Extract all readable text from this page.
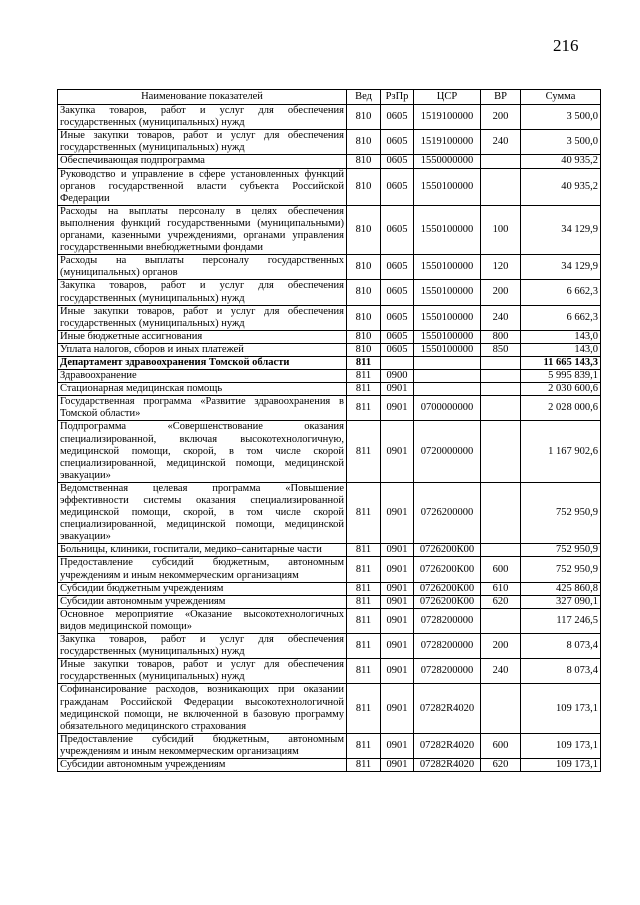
216
Наименование показателей	Вед	РзПр	ЦСР	ВР	Сумма
Закупка товаров, работ и услуг для обеспечения государственных (муниципальных) нужд	810	0605	1519100000	200	3 500,0
Иные закупки товаров, работ и услуг для обеспечения государственных (муниципальных) нужд	810	0605	1519100000	240	3 500,0
Обеспечивающая подпрограмма	810	0605	1550000000		40 935,2
Руководство и управление в сфере установленных функций органов государственной власти субъекта Российской Федерации	810	0605	1550100000		40 935,2
Расходы на выплаты персоналу в целях обеспечения выполнения функций государственными (муниципальными) органами, казенными учреждениями, органами управления государственными внебюджетными фондами	810	0605	1550100000	100	34 129,9
Расходы на выплаты персоналу государственных (муниципальных) органов	810	0605	1550100000	120	34 129,9
Закупка товаров, работ и услуг для обеспечения государственных (муниципальных) нужд	810	0605	1550100000	200	6 662,3
Иные закупки товаров, работ и услуг для обеспечения государственных (муниципальных) нужд	810	0605	1550100000	240	6 662,3
Иные бюджетные ассигнования	810	0605	1550100000	800	143,0
Уплата налогов, сборов и иных платежей	810	0605	1550100000	850	143,0
Департамент здравоохранения Томской области	811				11 665 143,3
Здравоохранение	811	0900			5 995 839,1
Стационарная медицинская помощь	811	0901			2 030 600,6
Государственная программа «Развитие здравоохранения в Томской области»	811	0901	0700000000		2 028 000,6
Подпрограмма «Совершенствование оказания специализированной, включая высокотехнологичную, медицинской помощи, скорой, в том числе скорой специализированной, медицинской помощи, медицинской эвакуации»	811	0901	0720000000		1 167 902,6
Ведомственная целевая программа «Повышение эффективности системы оказания специализированной медицинской помощи, скорой, в том числе скорой специализированной, медицинской помощи, медицинской эвакуации»	811	0901	0726200000		752 950,9
Больницы, клиники, госпитали, медико–санитарные части	811	0901	0726200К00		752 950,9
Предоставление субсидий бюджетным, автономным учреждениям и иным некоммерческим организациям	811	0901	0726200К00	600	752 950,9
Субсидии бюджетным учреждениям	811	0901	0726200К00	610	425 860,8
Субсидии автономным учреждениям	811	0901	0726200К00	620	327 090,1
Основное мероприятие «Оказание высокотехнологичных видов медицинской помощи»	811	0901	0728200000		117 246,5
Закупка товаров, работ и услуг для обеспечения государственных (муниципальных) нужд	811	0901	0728200000	200	8 073,4
Иные закупки товаров, работ и услуг для обеспечения государственных (муниципальных) нужд	811	0901	0728200000	240	8 073,4
Софинансирование расходов, возникающих при оказании гражданам Российской Федерации высокотехнологичной медицинской помощи, не включенной в базовую программу обязательного медицинского страхования	811	0901	07282R4020		109 173,1
Предоставление субсидий бюджетным, автономным учреждениям и иным некоммерческим организациям	811	0901	07282R4020	600	109 173,1
Субсидии автономным учреждениям	811	0901	07282R4020	620	109 173,1
